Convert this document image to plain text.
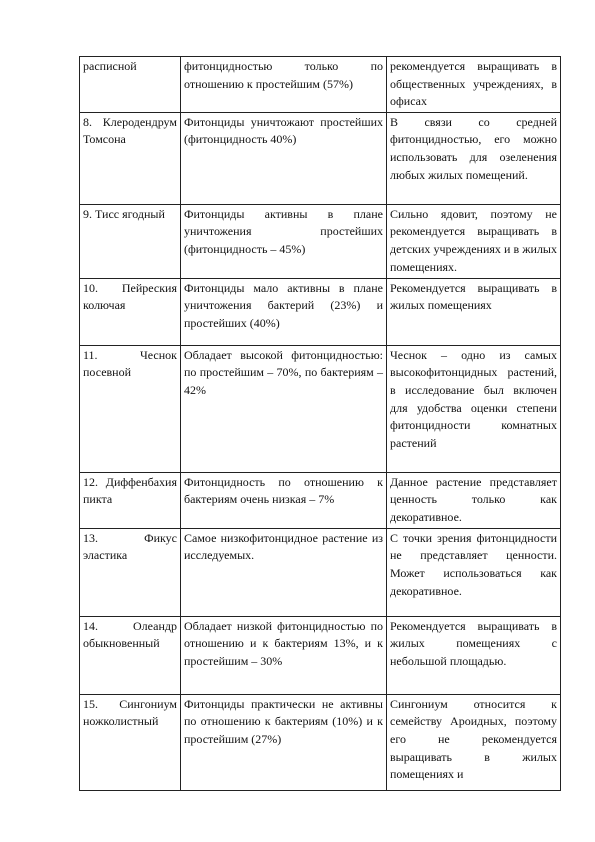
расписной	фитонцидностью только по отношению к простейшим (57%)	рекомендуется выращивать в общественных учреждениях, в офисах
8. Клеродендрум Томсона	Фитонциды уничтожают простейших (фитонцидность 40%)	В связи со средней фитонцидностью, его можно использовать для озеленения любых жилых помещений.
9. Тисс ягодный	Фитонциды активны в плане уничтожения простейших (фитонцидность – 45%)	Сильно ядовит, поэтому не рекомендуется выращивать в детских учреждениях и в жилых помещениях.
10. Пейреския колючая	Фитонциды мало активны в плане уничтожения бактерий (23%) и простейших (40%)	Рекомендуется выращивать в жилых помещениях
11. Чеснок посевной	Обладает высокой фитонцидностью: по простейшим – 70%, по бактериям – 42%	Чеснок – одно из самых высокофитонцидных растений, в исследование был включен для удобства оценки степени фитонцидности комнатных растений
12. Диффенбахия пикта	Фитонцидность по отношению к бактериям очень низкая – 7%	Данное растение представляет ценность только как декоративное.
13. Фикус эластика	Самое низкофитонцидное растение из исследуемых.	С точки зрения фитонцидности не представляет ценности. Может использоваться как декоративное.
14. Олеандр обыкновенный	Обладает низкой фитонцидностью по отношению и к бактериям 13%, и к простейшим – 30%	Рекомендуется выращивать в жилых помещениях с небольшой площадью.
15. Сингониум ножколистный	Фитонциды практически не активны по отношению к бактериям (10%) и к простейшим (27%)	Сингониум относится к семейству Ароидных, поэтому его не рекомендуется выращивать в жилых помещениях и
